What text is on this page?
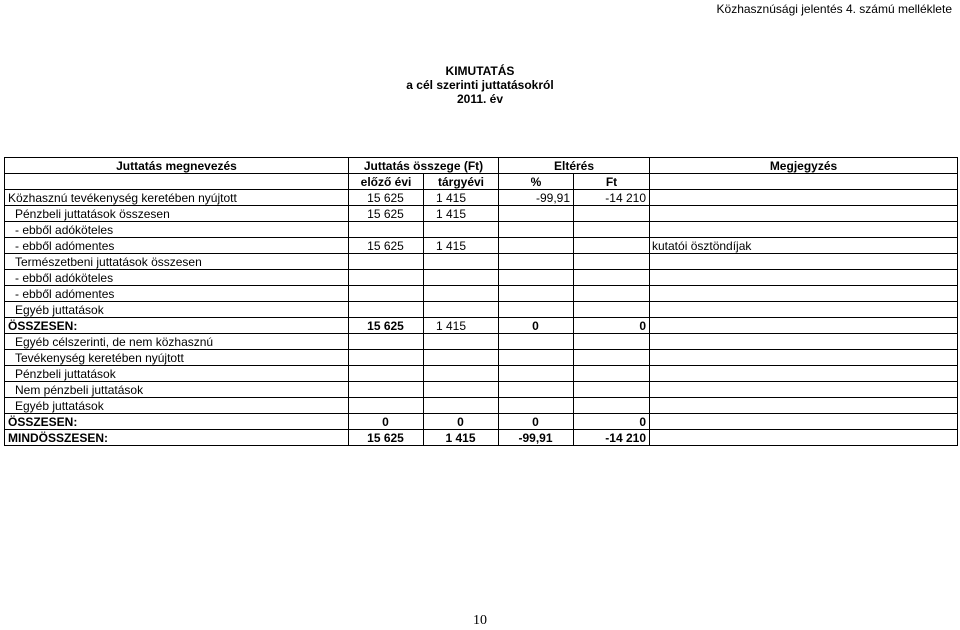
Közhasznúsági jelentés 4. számú melléklete
KIMUTATÁS
a cél szerinti juttatásokról
2011. év
Juttatás megnevezés	Juttatás összege (Ft)		Eltérés		Megjegyzés
	előző évi	tárgyévi	%	Ft	
Közhasznú tevékenység keretében nyújtott	15 625	1 415	-99,91	-14 210	
Pénzbeli juttatások összesen	15 625	1 415			
- ebből adóköteles					
- ebből adómentes	15 625	1 415			kutatói ösztöndíjak
Természetbeni juttatások összesen					
- ebből adóköteles					
- ebből adómentes					
Egyéb juttatások					
ÖSSZESEN:	15 625	1 415	0	0	
Egyéb célszerinti, de nem közhasznú					
Tevékenység keretében nyújtott					
Pénzbeli juttatások					
Nem pénzbeli juttatások					
Egyéb juttatások					
ÖSSZESEN:	0	0	0	0	
MINDÖSSZESEN:	15 625	1 415	-99,91	-14 210	
10
